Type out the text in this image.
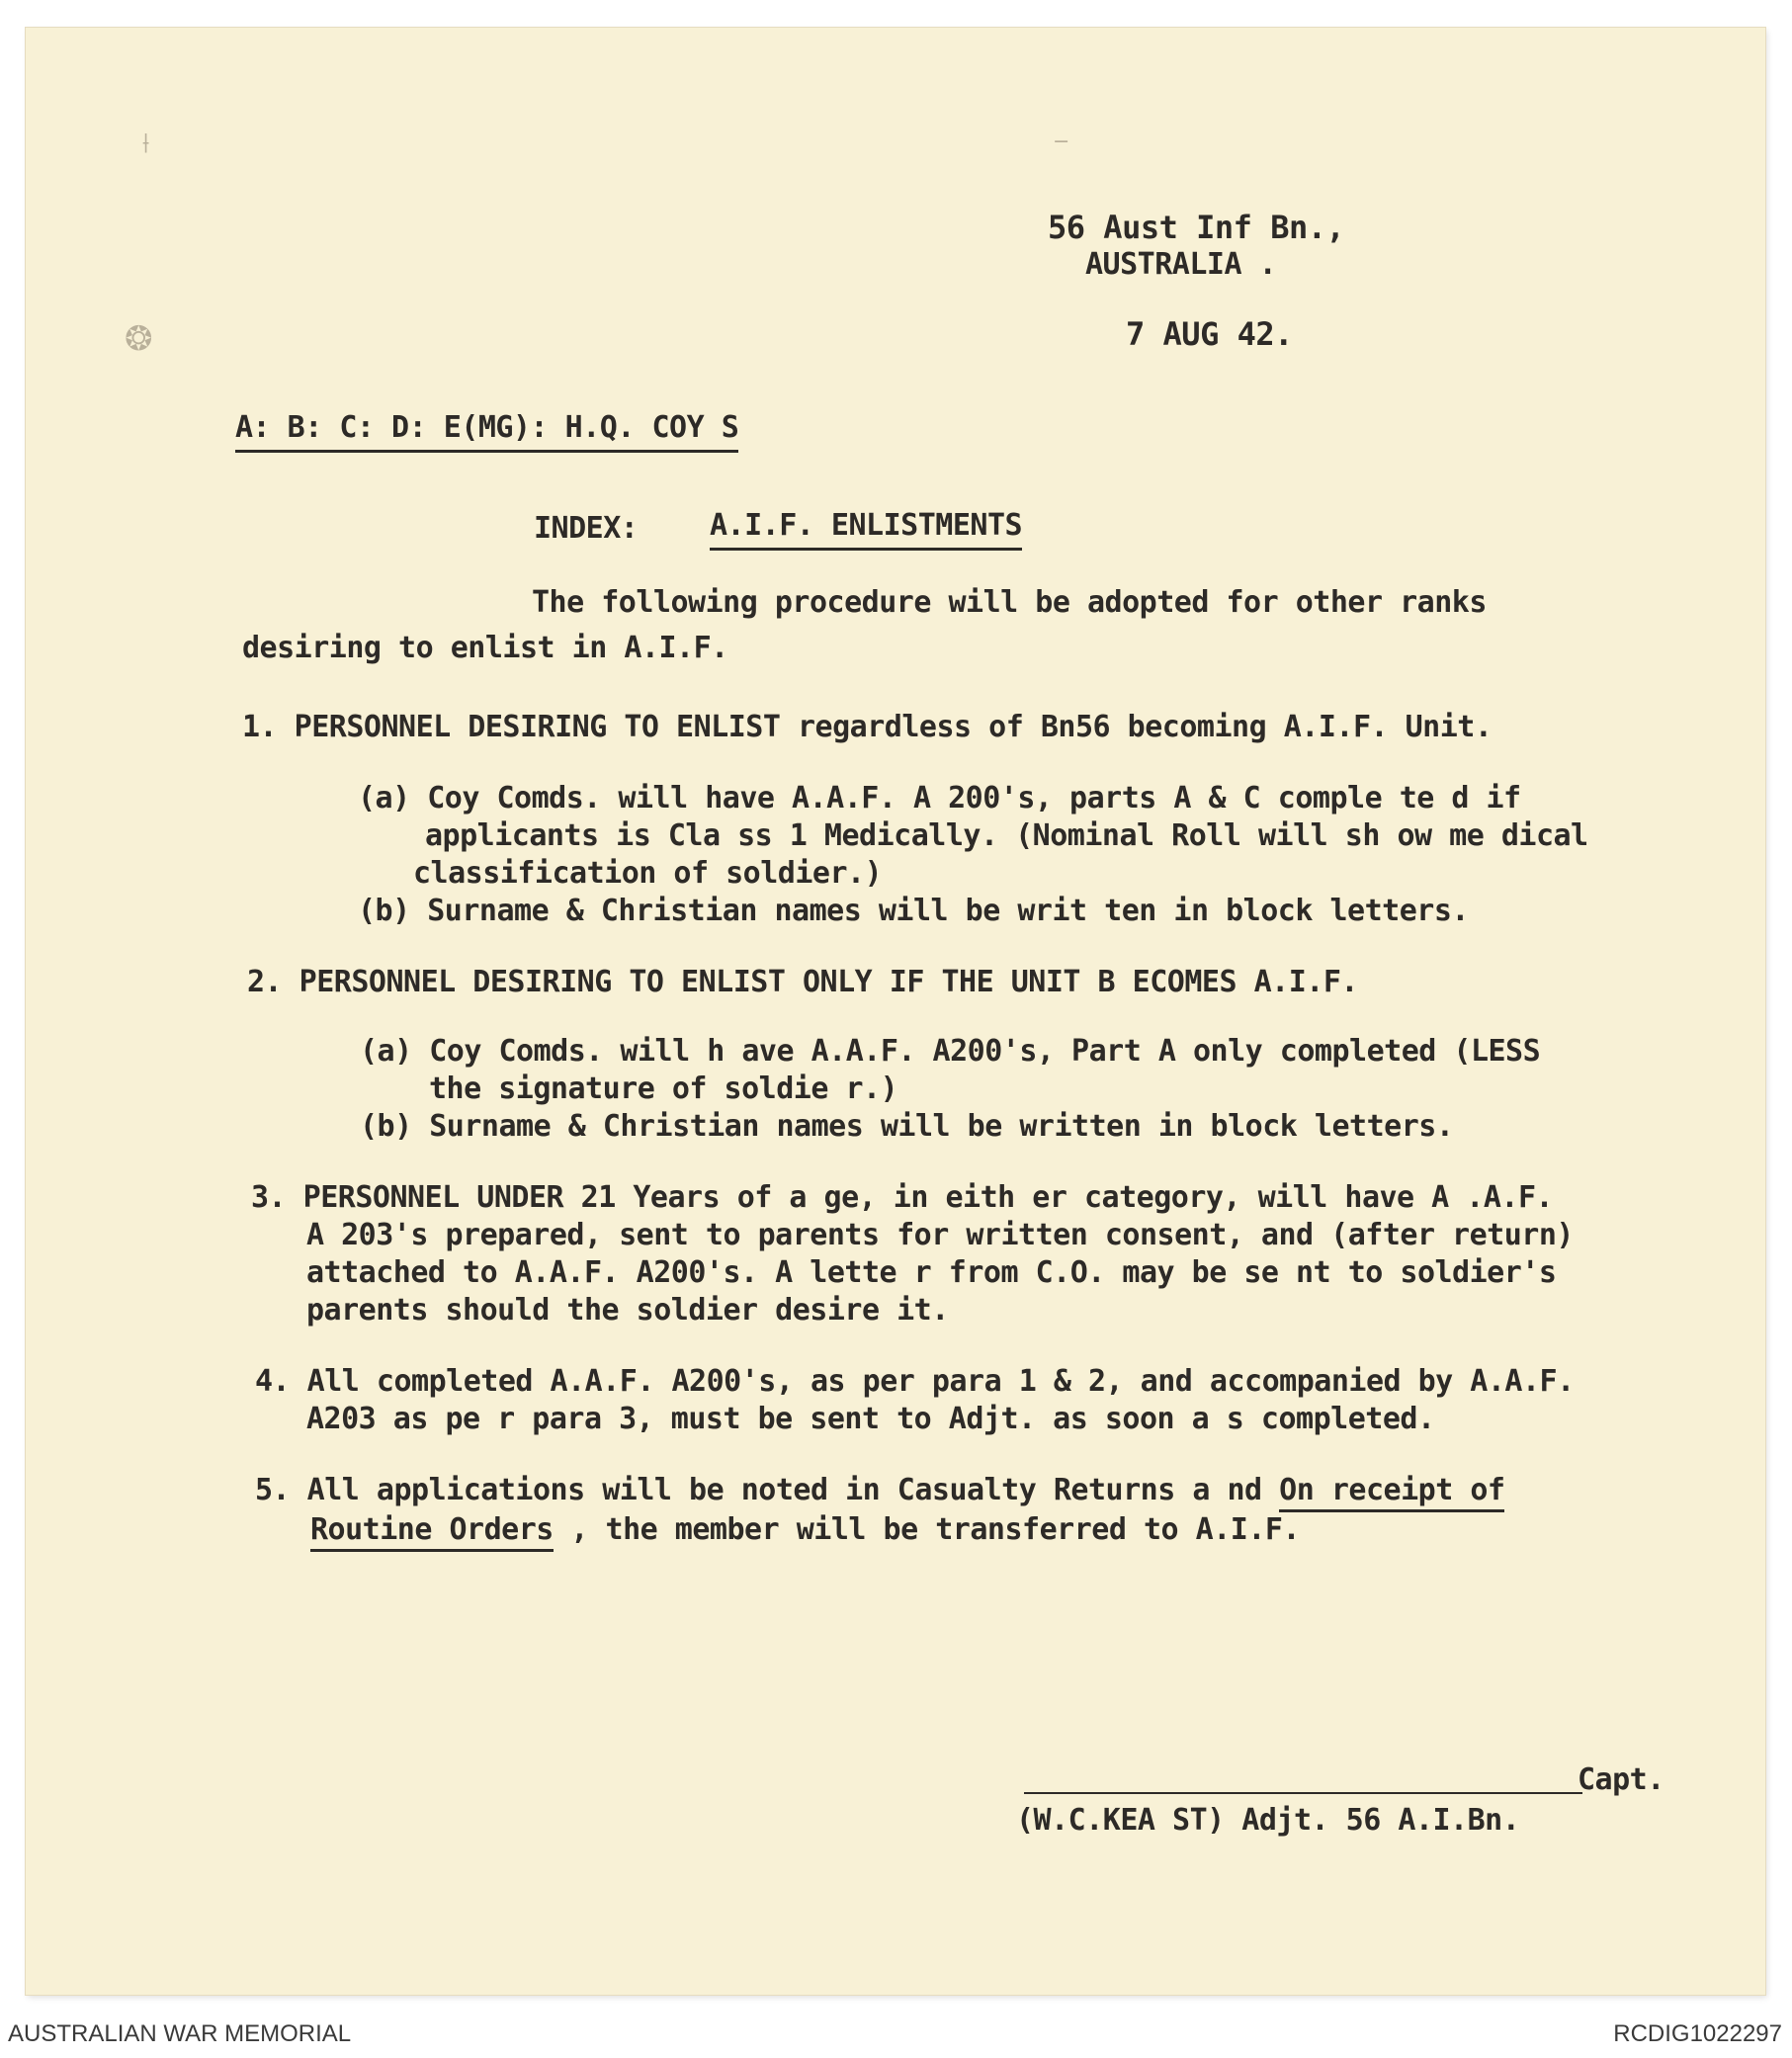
⟊
❂
‒
56 Aust Inf Bn.,
AUSTRALIA .
7 AUG 42.
A: B: C: D: E(MG): H.Q. COY S
INDEX: A.I.F. ENLISTMENTS
The following procedure will be adopted for other ranks
desiring to enlist in A.I.F.
1. PERSONNEL DESIRING TO ENLIST regardless of Bn56 becoming A.I.F. Unit.
(a) Coy Comds. will have A.A.F. A 200's, parts A & C comple te d if
applicants is Cla ss 1 Medically. (Nominal Roll will sh ow me dical
classification of soldier.)
(b) Surname & Christian names will be writ ten in block letters.
2. PERSONNEL DESIRING TO ENLIST ONLY IF THE UNIT B ECOMES A.I.F.
(a) Coy Comds. will h ave A.A.F. A200's, Part A only completed (LESS
the signature of soldie r.)
(b) Surname & Christian names will be written in block letters.
3. PERSONNEL UNDER 21 Years of a ge, in eith er category, will have A .A.F.
A 203's prepared, sent to parents for written consent, and (after return)
attached to A.A.F. A200's. A lette r from C.O. may be se nt to soldier's
parents should the soldier desire it.
4. All completed A.A.F. A200's, as per para 1 & 2, and accompanied by A.A.F.
A203 as pe r para 3, must be sent to Adjt. as soon a s completed.
5. All applications will be noted in Casualty Returns a nd On receipt of
Routine Orders , the member will be transferred to A.I.F.
Capt.
(W.C.KEA ST) Adjt. 56 A.I.Bn.
AUSTRALIAN WAR MEMORIAL	RCDIG1022297
